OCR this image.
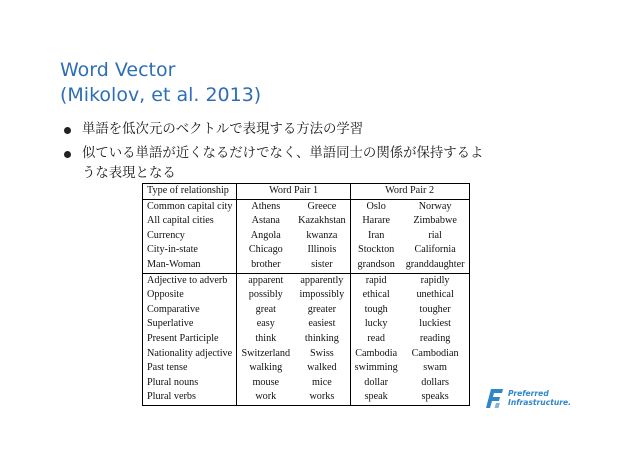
Word Vector
(Mikolov, et al. 2013)
単語を低次元のベクトルで表現する方法の学習
似ている単語が近くなるだけでなく、単語同士の関係が保持するよ
うな表現となる
Type of relationship	Word Pair 1		Word Pair 2	
Common capital city	Athens	Greece	Oslo	Norway
All capital cities	Astana	Kazakhstan	Harare	Zimbabwe
Currency	Angola	kwanza	Iran	rial
City-in-state	Chicago	Illinois	Stockton	California
Man-Woman	brother	sister	grandson	granddaughter
Adjective to adverb	apparent	apparently	rapid	rapidly
Opposite	possibly	impossibly	ethical	unethical
Comparative	great	greater	tough	tougher
Superlative	easy	easiest	lucky	luckiest
Present Participle	think	thinking	read	reading
Nationality adjective	Switzerland	Swiss	Cambodia	Cambodian
Past tense	walking	walked	swimming	swam
Plural nouns	mouse	mice	dollar	dollars
Plural verbs	work	works	speak	speaks	Preferred
Infrastructure.
